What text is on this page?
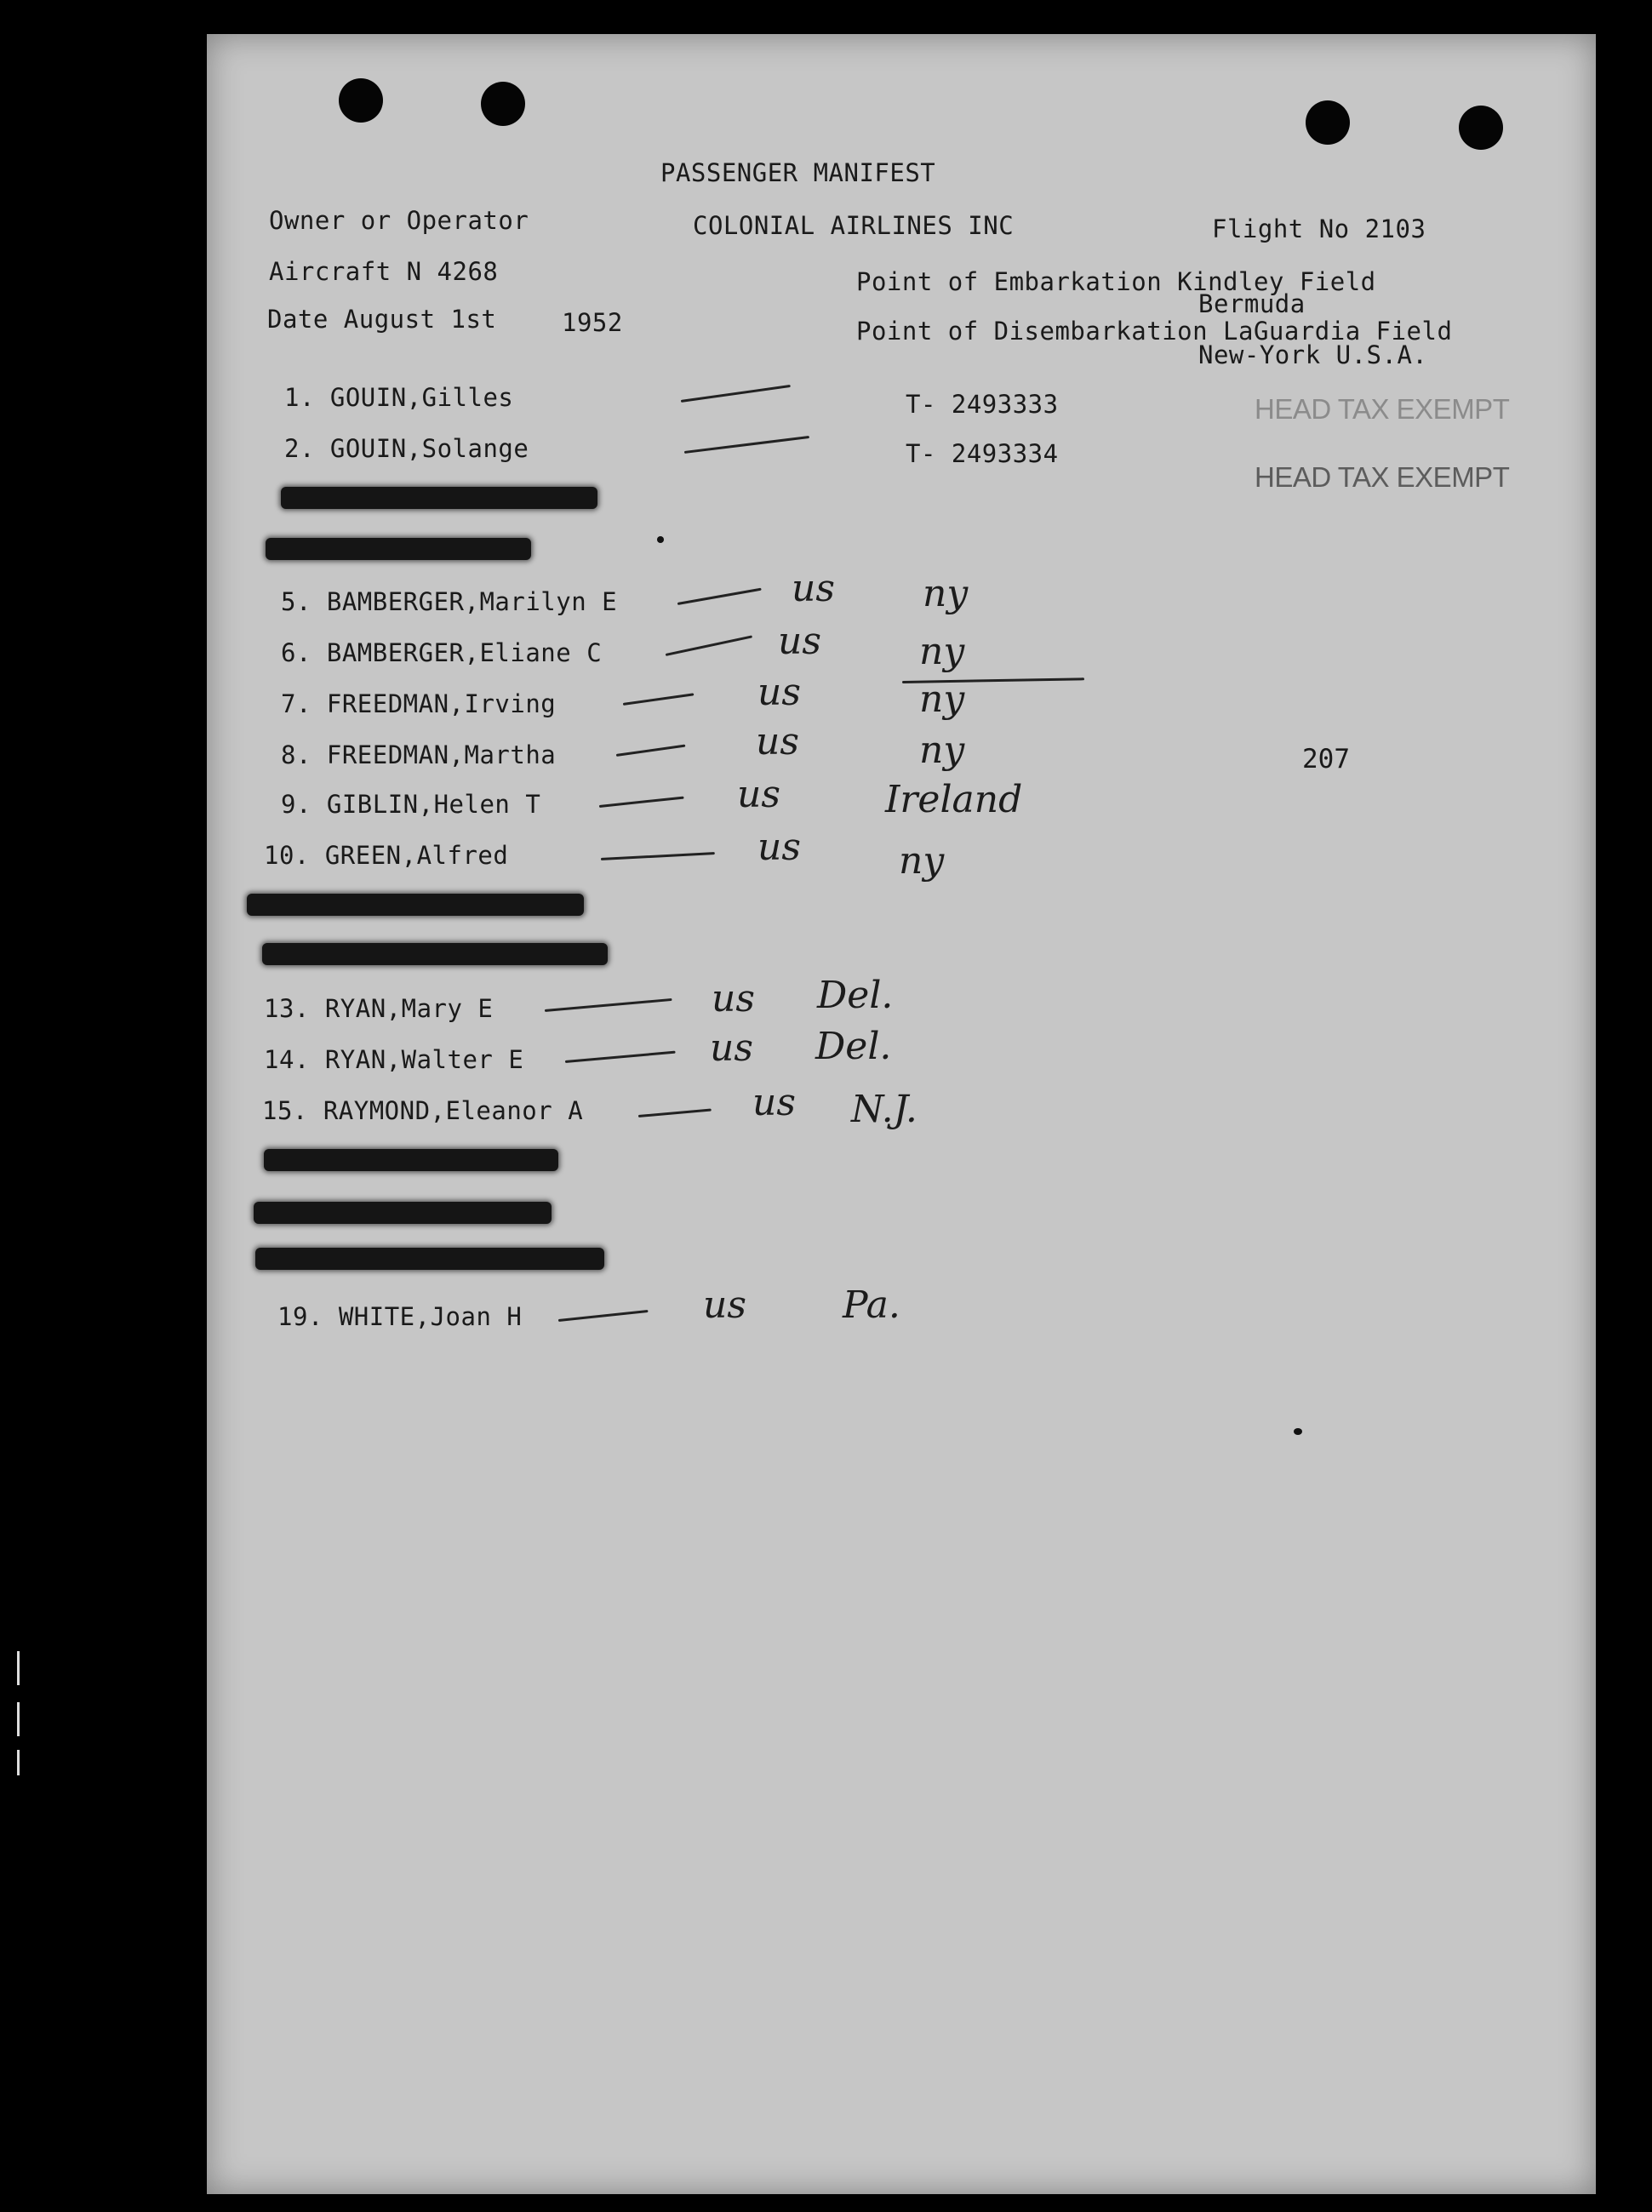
PASSENGER MANIFEST
Owner or Operator	COLONIAL AIRLINES INC	Flight No 2103
Aircraft N 4268
Date August 1st	1952
Point of Embarkation Kindley Field
Bermuda
Point of Disembarkation LaGuardia Field
New-York U.S.A.
1. GOUIN,Gilles	T- 2493333	HEAD TAX EXEMPT
2. GOUIN,Solange	T- 2493334
HEAD TAX EXEMPT
5. BAMBERGER,Marilyn E	us ny
6. BAMBERGER,Eliane C	us	ny
7. FREEDMAN,Irving	us	ny
8. FREEDMAN,Martha	us	ny
9. GIBLIN,Helen T	us	Ireland
10. GREEN,Alfred	us	ny
207
13. RYAN,Mary E	us Del.
14. RYAN,Walter E	us Del.
15. RAYMOND,Eleanor A	us N.J.
19. WHITE,Joan H	us	Pa.
